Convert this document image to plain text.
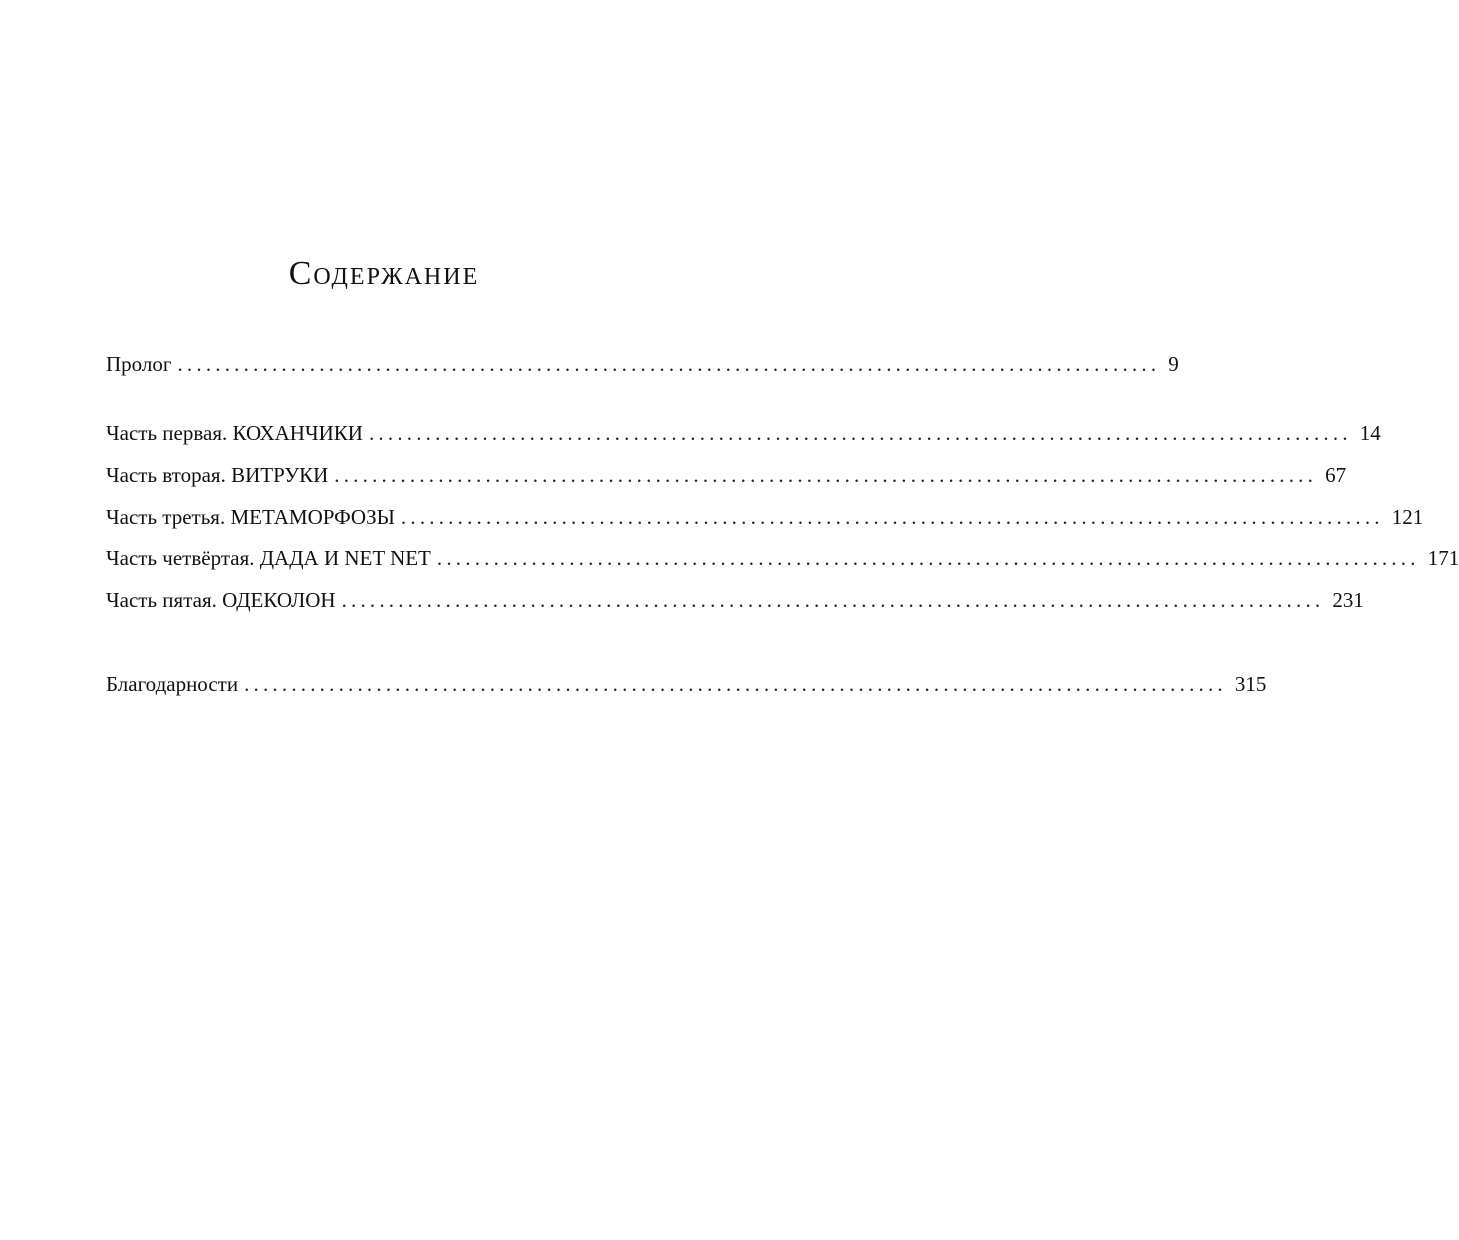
Содержание
Пролог ........................................................................................................ 9
Часть первая. КОХАНЧИКИ ........................................................................................................ 14
Часть вторая. ВИТРУКИ ........................................................................................................ 67
Часть третья. МЕТАМОРФОЗЫ ........................................................................................................ 121
Часть четвёртая. ДАДА И NET NET ........................................................................................................ 171
Часть пятая. ОДЕКОЛОН ........................................................................................................ 231
Благодарности ........................................................................................................ 315
